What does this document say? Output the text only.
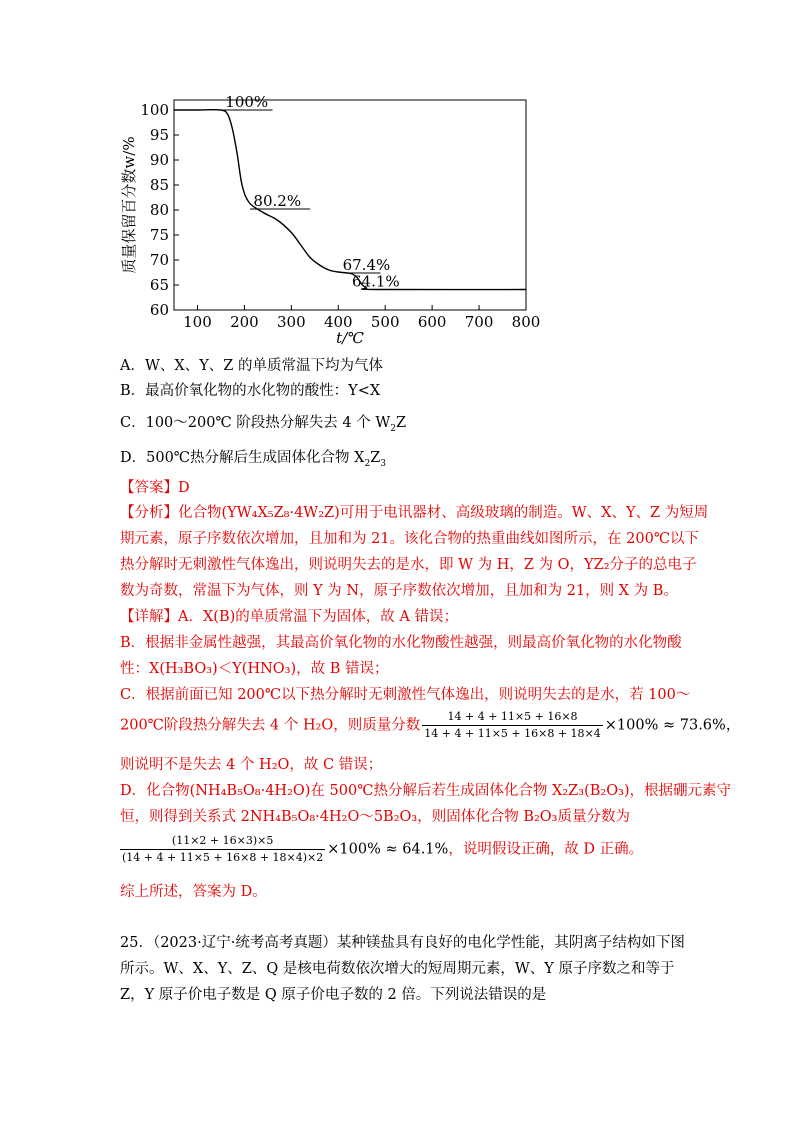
100
95
90
85
80
75
70
65
60
100 200 300 400 500 600 700 800
100%
80.2%
67.4%
64.1%
质量保留百分数w/%
t/℃
A．W、X、Y、Z 的单质常温下均为气体
B．最高价氧化物的水化物的酸性：Y<X
C．100～200℃ 阶段热分解失去 4 个 $W_2Z$
D．500℃热分解后生成固体化合物 $X_2Z_3$
【答案】D
【分析】化合物(YW₄X₅Z₈·4W₂Z)可用于电讯器材、高级玻璃的制造。W、X、Y、Z 为短周
期元素，原子序数依次增加，且加和为 21。该化合物的热重曲线如图所示，在 200℃以下
热分解时无刺激性气体逸出，则说明失去的是水，即 W 为 H，Z 为 O，YZ₂分子的总电子
数为奇数，常温下为气体，则 Y 为 N，原子序数依次增加，且加和为 21，则 X 为 B。
【详解】A．X(B)的单质常温下为固体，故 A 错误；
B．根据非金属性越强，其最高价氧化物的水化物酸性越强，则最高价氧化物的水化物酸
性：X(H₃BO₃)＜Y(HNO₃)，故 B 错误；
C．根据前面已知 200℃以下热分解时无刺激性气体逸出，则说明失去的是水，若 100～
200℃阶段热分解失去 4 个 H₂O，则质量分数 $\frac{14 + 4 + 11\times 5 + 16\times 8}{14 + 4 + 11\times 5 + 16\times 8 + 18\times 4} \times 100\% \approx 73.6\%$，
则说明不是失去 4 个 H₂O，故 C 错误；
D．化合物(NH₄B₅O₈·4H₂O)在 500℃热分解后若生成固体化合物 X₂Z₃(B₂O₃)，根据硼元素守
恒，则得到关系式 2NH₄B₅O₈·4H₂O～5B₂O₃，则固体化合物 B₂O₃质量分数为
$\frac{(11\times 2 + 16\times 3)\times 5}{(14 + 4 + 11\times 5 + 16\times 8 + 18\times 4)\times 2} \times 100\% \approx 64.1\%$，说明假设正确，故 D 正确。
综上所述，答案为 D。
25．（2023·辽宁·统考高考真题）某种镁盐具有良好的电化学性能，其阴离子结构如下图
所示。W、X、Y、Z、Q 是核电荷数依次增大的短周期元素，W、Y 原子序数之和等于
Z，Y 原子价电子数是 Q 原子价电子数的 2 倍。下列说法错误的是
